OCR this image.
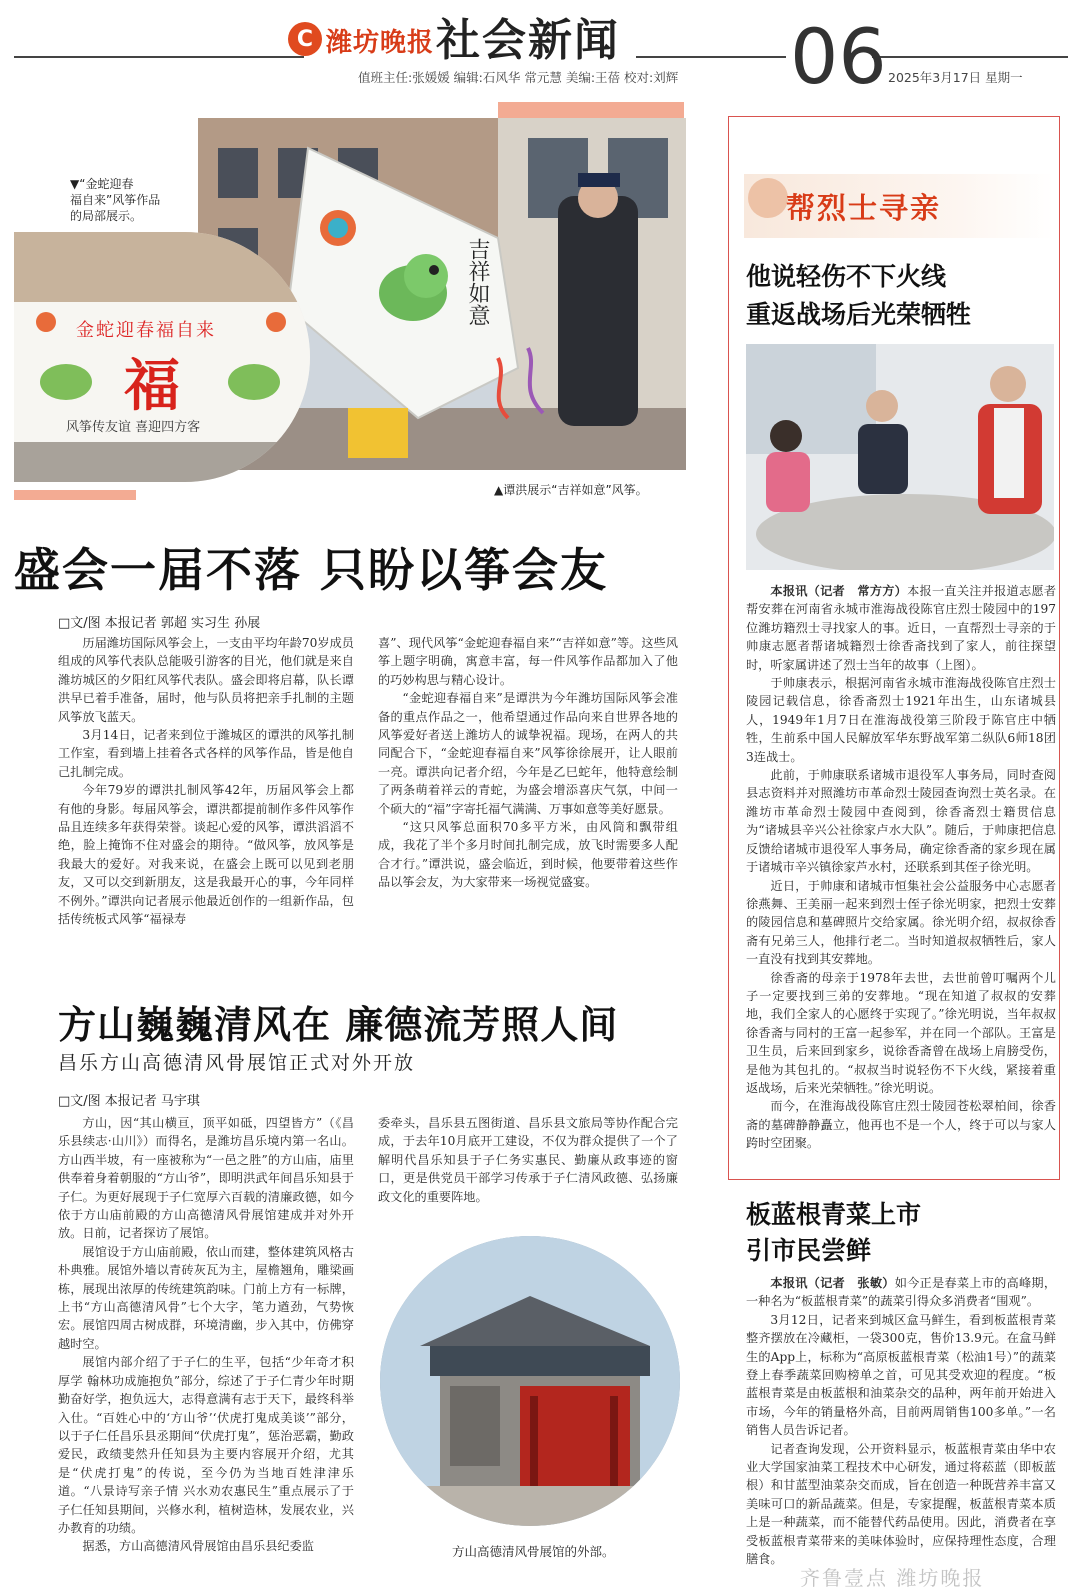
C 潍坊晚报 社会新闻 06
值班主任:张媛媛 编辑:石风华 常元慧 美编:王蓓 校对:刘辉	2025年3月17日 星期一
吉祥如意
金蛇迎春福自来
福
风筝传友谊 喜迎四方客
▼“金蛇迎春
福自来”风筝作品
的局部展示。
▲谭洪展示“吉祥如意”风筝。
盛会一届不落 只盼以筝会友
□文/图 本报记者 郭超 实习生 孙展

历届潍坊国际风筝会上，一支由平均年龄70岁成员组成的风筝代表队总能吸引游客的目光，他们就是来自潍坊城区的夕阳红风筝代表队。盛会即将启幕，队长谭洪早已着手准备，届时，他与队员将把亲手扎制的主题风筝放飞蓝天。

3月14日，记者来到位于潍城区的谭洪的风筝扎制工作室，看到墙上挂着各式各样的风筝作品，皆是他自己扎制完成。

今年79岁的谭洪扎制风筝42年，历届风筝会上都有他的身影。每届风筝会，谭洪都提前制作多件风筝作品且连续多年获得荣誉。谈起心爱的风筝，谭洪滔滔不绝，脸上掩饰不住对盛会的期待。“做风筝，放风筝是我最大的爱好。对我来说，在盛会上既可以见到老朋友，又可以交到新朋友，这是我最开心的事，今年同样不例外。”谭洪向记者展示他最近创作的一组新作品，包括传统板式风筝“福禄寿

喜”、现代风筝“金蛇迎春福自来”“吉祥如意”等。这些风筝上题字明确，寓意丰富，每一件风筝作品都加入了他的巧妙构思与精心设计。

“金蛇迎春福自来”是谭洪为今年潍坊国际风筝会准备的重点作品之一，他希望通过作品向来自世界各地的风筝爱好者送上潍坊人的诚挚祝福。现场，在两人的共同配合下，“金蛇迎春福自来”风筝徐徐展开，让人眼前一亮。谭洪向记者介绍，今年是乙巳蛇年，他特意绘制了两条萌着祥云的青蛇，为盛会增添喜庆气氛，中间一个硕大的“福”字寄托福气满满、万事如意等美好愿景。

“这只风筝总面积70多平方米，由风筒和飘带组成，我花了半个多月时间扎制完成，放飞时需要多人配合才行。”谭洪说，盛会临近，到时候，他要带着这些作品以筝会友，为大家带来一场视觉盛宴。

方山巍巍清风在 廉德流芳照人间
昌乐方山高德清风骨展馆正式对外开放
□文/图 本报记者 马宇琪

方山，因“其山横亘，顶平如砥，四望皆方”（《昌乐县续志·山川》）而得名，是潍坊昌乐境内第一名山。方山西半坡，有一座被称为“一邑之胜”的方山庙，庙里供奉着身着朝服的“方山爷”，即明洪武年间昌乐知县于子仁。为更好展现于子仁宽厚六百载的清廉政德，如今依于方山庙前殿的方山高德清风骨展馆建成并对外开放。日前，记者探访了展馆。

展馆设于方山庙前殿，依山而建，整体建筑风格古朴典雅。展馆外墙以青砖灰瓦为主，屋檐翘角，雕梁画栋，展现出浓厚的传统建筑韵味。门前上方有一标牌，上书“方山高德清风骨”七个大字，笔力遒劲，气势恢宏。展馆四周古树成群，环境清幽，步入其中，仿佛穿越时空。

展馆内部介绍了于子仁的生平，包括“少年奇才积厚学 翰林功成施抱负”部分，综述了于子仁青少年时期勤奋好学，抱负远大，志得意满有志于天下，最终科举入仕。“百姓心中的‘方山爷’‘伏虎打鬼成美谈’”部分，以于子仁任昌乐县丞期间“伏虎打鬼”，惩治恶霸，勤政爱民，政绩斐然升任知县为主要内容展开介绍，尤其是“伏虎打鬼”的传说，至今仍为当地百姓津津乐道。“八景诗写亲子情 兴水劝农惠民生”重点展示了于子仁任知县期间，兴修水利，植树造林，发展农业，兴办教育的功绩。

据悉，方山高德清风骨展馆由昌乐县纪委监

委牵头，昌乐县五图街道、昌乐县文旅局等协作配合完成，于去年10月底开工建设，不仅为群众提供了一个了解明代昌乐知县于子仁务实惠民、勤廉从政事迹的窗口，更是供党员干部学习传承于子仁清风政德、弘扬廉政文化的重要阵地。

方山高德清风骨展馆的外部。
帮烈士寻亲
他说轻伤不下火线
重返战场后光荣牺牲

本报讯（记者　常方方）本报一直关注并报道志愿者帮安葬在河南省永城市淮海战役陈官庄烈士陵园中的197位潍坊籍烈士寻找家人的事。近日，一直帮烈士寻亲的于帅康志愿者帮诸城籍烈士徐香斋找到了家人，前往探望时，听家属讲述了烈士当年的故事（上图）。

于帅康表示，根据河南省永城市淮海战役陈官庄烈士陵园记载信息，徐香斋烈士1921年出生，山东诸城县人，1949年1月7日在淮海战役第三阶段于陈官庄中牺牲，生前系中国人民解放军华东野战军第二纵队6师18团3连战士。

此前，于帅康联系诸城市退役军人事务局，同时查阅县志资料并对照潍坊市革命烈士陵园查询烈士英名录。在潍坊市革命烈士陵园中查阅到，徐香斋烈士籍贯信息为“诸城县辛兴公社徐家卢水大队”。随后，于帅康把信息反馈给诸城市退役军人事务局，确定徐香斋的家乡现在属于诸城市辛兴镇徐家芦水村，还联系到其侄子徐光明。

近日，于帅康和诸城市恒集社会公益服务中心志愿者徐燕舞、王美丽一起来到烈士侄子徐光明家，把烈士安葬的陵园信息和墓碑照片交给家属。徐光明介绍，叔叔徐香斋有兄弟三人，他排行老二。当时知道叔叔牺牲后，家人一直没有找到其安葬地。

徐香斋的母亲于1978年去世，去世前曾叮嘱两个儿子一定要找到三弟的安葬地。“现在知道了叔叔的安葬地，我们全家人的心愿终于实现了。”徐光明说，当年叔叔徐香斋与同村的王富一起参军，并在同一个部队。王富是卫生员，后来回到家乡，说徐香斋曾在战场上肩膀受伤，是他为其包扎的。“叔叔当时说轻伤不下火线，紧接着重返战场，后来光荣牺牲。”徐光明说。

而今，在淮海战役陈官庄烈士陵园苍松翠柏间，徐香斋的墓碑静静矗立，他再也不是一个人，终于可以与家人跨时空团聚。

板蓝根青菜上市
引市民尝鲜

本报讯（记者　张敏）如今正是春菜上市的高峰期，一种名为“板蓝根青菜”的蔬菜引得众多消费者“围观”。

3月12日，记者来到城区盒马鲜生，看到板蓝根青菜整齐摆放在冷藏柜，一袋300克，售价13.9元。在盒马鲜生的App上，标称为“高原板蓝根青菜（松油1号）”的蔬菜登上春季蔬菜回购榜单之首，可见其受欢迎的程度。“板蓝根青菜是由板蓝根和油菜杂交的品种，两年前开始进入市场，今年的销量格外高，目前两周销售100多单。”一名销售人员告诉记者。

记者查询发现，公开资料显示，板蓝根青菜由华中农业大学国家油菜工程技术中心研发，通过将菘蓝（即板蓝根）和甘蓝型油菜杂交而成，旨在创造一种既营养丰富又美味可口的新品蔬菜。但是，专家提醒，板蓝根青菜本质上是一种蔬菜，而不能替代药品使用。因此，消费者在享受板蓝根青菜带来的美味体验时，应保持理性态度，合理膳食。

齐鲁壹点 潍坊晚报
